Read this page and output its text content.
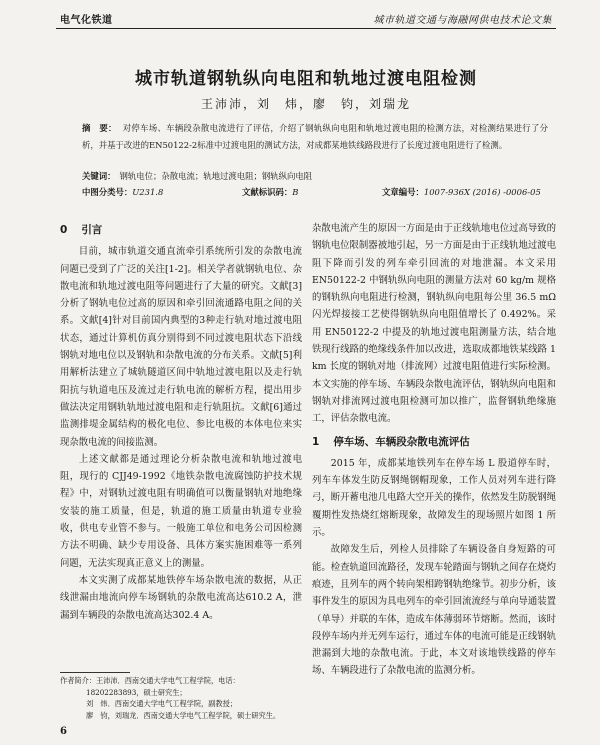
电气化铁道	城市轨道交通与海融网供电技术论文集
城市轨道钢轨纵向电阻和轨地过渡电阻检测
王沛沛，刘　炜，廖　钧，刘瑞龙
摘　要： 对停车场、车辆段杂散电流进行了评估，介绍了钢轨纵向电阻和轨地过渡电阻的检测方法，对检测结果进行了分析，并基于改进的EN50122-2标准中过渡电阻的测试方法，对成都某地铁线路段进行了长度过渡电阻进行了检测。
关键词： 钢轨电位；杂散电流；轨地过渡电阻；钢轨纵向电阻
中图分类号：U231.8	文献标识码：B	文章编号：1007-936X (2016) -0006-05
0 引言

目前，城市轨道交通直流牵引系统所引发的杂散电流问题已受到了广泛的关注[1-2]。相关学者就钢轨电位、杂散电流和轨地过渡电阻等问题进行了大量的研究。文献[3]分析了钢轨电位过高的原因和牵引回流通路电阻之间的关系。文献[4]针对目前国内典型的3种走行轨对地过渡电阻状态，通过计算机仿真分别得到不同过渡电阻状态下沿线钢轨对地电位以及钢轨和杂散电流的分布关系。文献[5]利用解析法建立了城轨隧道区间中轨地过渡电阻以及走行轨阳抗与轨道电压及流过走行轨电流的解析方程，提出用步做法决定用钢轨轨地过渡电阻和走行轨阻抗。文献[6]通过监测排堤金属结构的极化电位、参比电极的本体电位来实现杂散电流的间接监测。

上述文献都是通过理论分析杂散电流和轨地过渡电阻，现行的 CJJ49-1992《地铁杂散电流腐蚀防护技术规程》中，对钢轨过渡电阻有明确值可以衡量钢轨对地绝缘安装的施工质量，但是，轨道的施工质量由轨道专业验收，供电专业管不参与。一般施工单位和电务公司因检测方法不明确、缺少专用设备、具体方案实施困难等一系列问题，无法实现真正意义上的测量。

本文实测了成都某地铁停车场杂散电流的数据，从正线泄漏由地流向停车场钢轨的杂散电流高达610.2 A，泄漏到车辆段的杂散电流高达302.4 A。

作者简介：王沛沛．西南交通大学电气工程学院，电话：
18202283893，硕士研究生；
刘　炜．西南交通大学电气工程学院，副教授；
廖　钧，刘瑞龙．西南交通大学电气工程学院，硕士研究生。

杂散电流产生的原因一方面是由于正线轨地电位过高导致的钢轨电位限制器被地引起，另一方面是由于正线轨地过渡电阻下降而引发的列车牵引回流的对地泄漏。本文采用 EN50122-2 中钢轨纵向电阻的测量方法对 60 kg/m 规格的钢轨纵向电阻进行检测，钢轨纵向电阻每公里 36.5 mΩ闪光焊接接工艺使得钢轨纵向电阻值增长了 0.492%。采用 EN50122-2 中提及的轨地过渡电阻测量方法，结合地铁现行线路的绝缘线条件加以改进，选取成都地铁某线路 1 km 长度的钢轨对地（排流网）过渡电阻值进行实际检测。本文实施的停车场、车辆段杂散电流评估，钢轨纵向电阻和钢轨对排流网过渡电阻检测可加以推广，监督钢轨绝缘施工，评估杂散电流。

1 停车场、车辆段杂散电流评估

2015 年，成都某地铁列车在停车场 L 股道停车时，列车车体发生防反钢绳钢帽现象，工作人员对列车进行降弓，断开蓄电池几电路大空开关的操作，依然发生防脱钢绳覆期性发热烧红熔断现象，故障发生的现场照片如图 1 所示。

故障发生后，列检人员排除了车辆设备自身短路的可能。检查轨道回流路径，发现车轮踏面与钢轨之间存在烧灼痕迹，且列车的两个转向架相跨钢轨绝缘节。初步分析，该事件发生的原因为具电列车的牵引回流流经与单向导通装置（单导）并联的车体，造成车体薄弱环节熔断。然而，该时段停车场内并无列车运行，通过车体的电流可能是正线钢轨泄漏到大地的杂散电流。于此，本文对该地铁线路的停车场、车辆段进行了杂散电流的监测分析。

6
